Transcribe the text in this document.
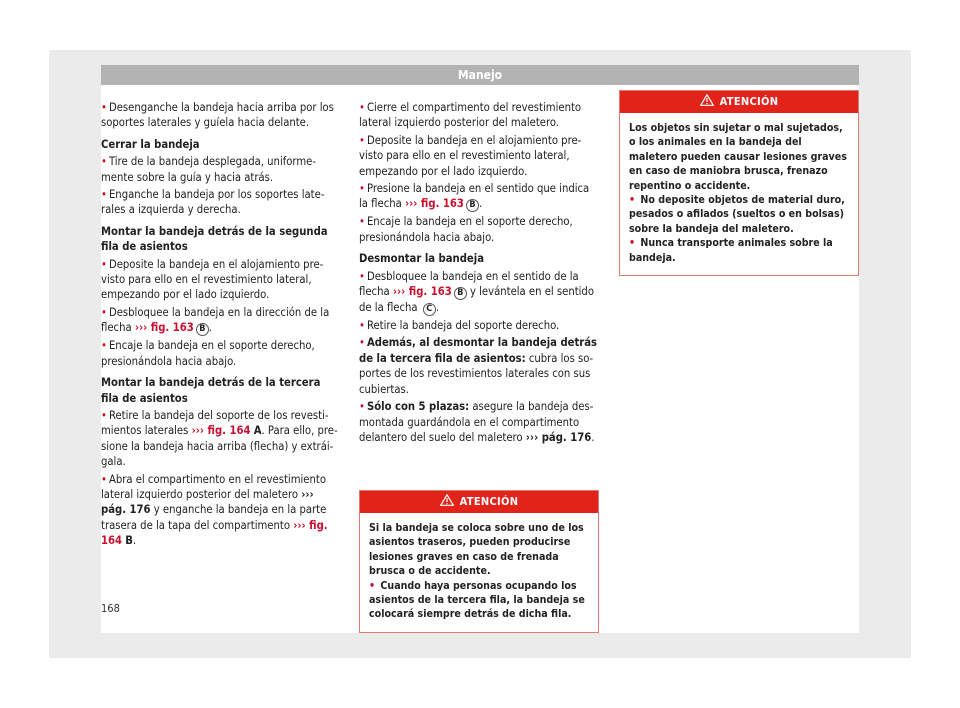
Manejo

• Desenganche la bandeja hacia arriba por los soportes laterales y guíela hacia delante.

Cerrar la bandeja

• Tire de la bandeja desplegada, uniformemente sobre la guía y hacia atrás.

• Enganche la bandeja por los soportes laterales a izquierda y derecha.

Montar la bandeja detrás de la segunda fila de asientos

• Deposite la bandeja en el alojamiento previsto para ello en el revestimiento lateral, empezando por el lado izquierdo.

• Desbloquee la bandeja en la dirección de la flecha ››› fig. 163 B .

• Encaje la bandeja en el soporte derecho, presionándola hacia abajo.

Montar la bandeja detrás de la tercera fila de asientos

• Retire la bandeja del soporte de los revestimientos laterales ››› fig. 164 A. Para ello, presione la bandeja hacia arriba (flecha) y extráigala.

• Abra el compartimento en el revestimiento lateral izquierdo posterior del maletero ››› pág. 176 y enganche la bandeja en la parte trasera de la tapa del compartimento ››› fig. 164 B.

• Cierre el compartimento del revestimiento lateral izquierdo posterior del maletero.

• Deposite la bandeja en el alojamiento previsto para ello en el revestimiento lateral, empezando por el lado izquierdo.

• Presione la bandeja en el sentido que indica la flecha ››› fig. 163 B .

• Encaje la bandeja en el soporte derecho, presionándola hacia abajo.

Desmontar la bandeja

• Desbloquee la bandeja en el sentido de la flecha ››› fig. 163 B y levántela en el sentido de la flecha C .

• Retire la bandeja del soporte derecho.

• Además, al desmontar la bandeja detrás de la tercera fila de asientos: cubra los soportes de los revestimientos laterales con sus cubiertas.

• Sólo con 5 plazas: asegure la bandeja desmontada guardándola en el compartimento delantero del suelo del maletero ››› pág. 176.

ATENCIÓN

Si la bandeja se coloca sobre uno de los asientos traseros, pueden producirse lesiones graves en caso de frenada brusca o de accidente.

• Cuando haya personas ocupando los asientos de la tercera fila, la bandeja se colocará siempre detrás de dicha fila.

ATENCIÓN

Los objetos sin sujetar o mal sujetados, o los animales en la bandeja del maletero pueden causar lesiones graves en caso de maniobra brusca, frenazo repentino o accidente.

• No deposite objetos de material duro, pesados o afilados (sueltos o en bolsas) sobre la bandeja del maletero.

• Nunca transporte animales sobre la bandeja.

168
